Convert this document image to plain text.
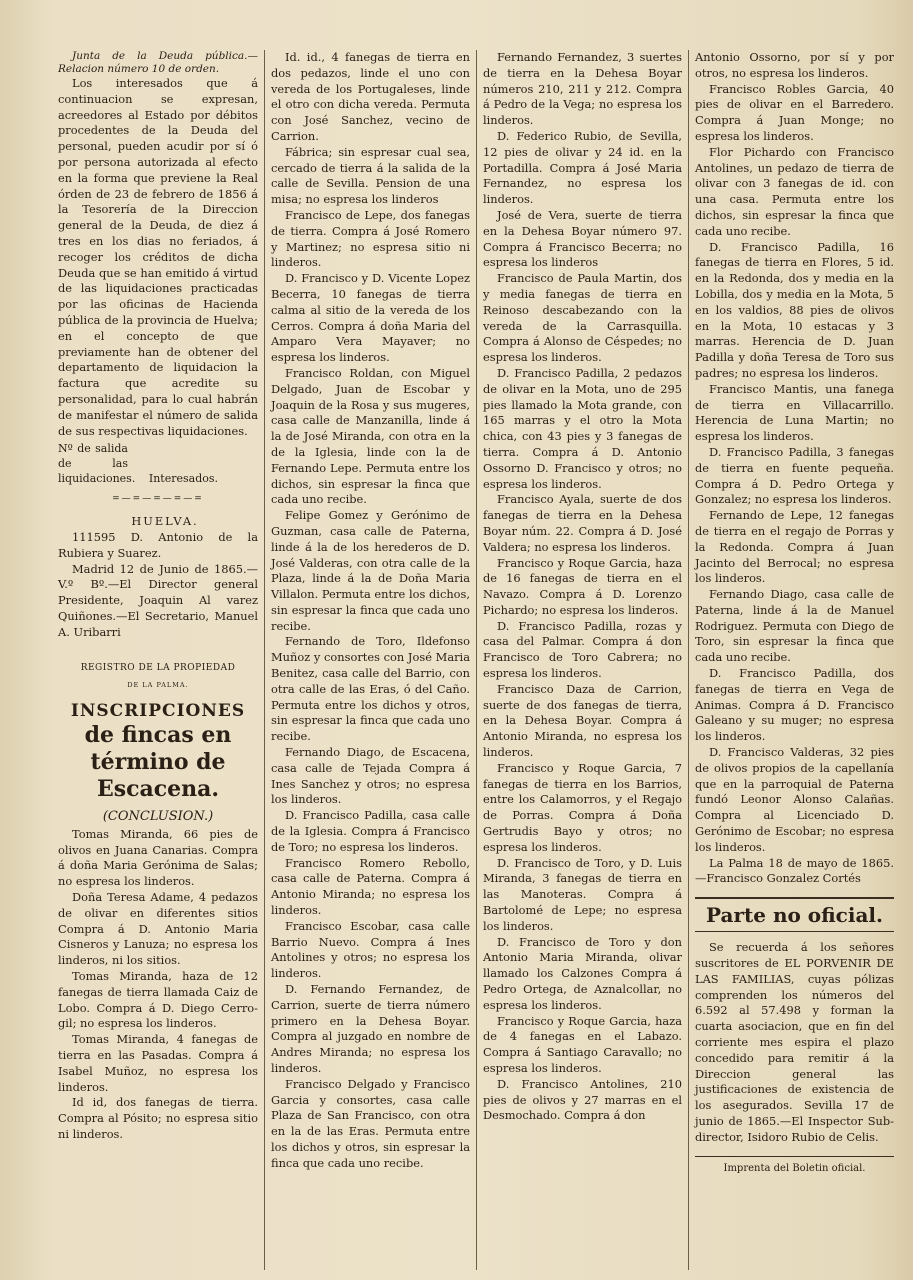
Junta de la Deuda pública.—Relacion número 10 de orden.

Los interesados que á continuacion se expresan, acreedores al Estado por débitos procedentes de la Deuda del personal, pueden acudir por sí ó por persona autorizada al efecto en la forma que previene la Real órden de 23 de febrero de 1856 á la Tesorería de la Direccion general de la Deuda, de diez á tres en los dias no feriados, á recoger los créditos de dicha Deuda que se han emitido á virtud de las liquidaciones practicadas por las oficinas de Hacienda pública de la provincia de Huelva; en el concepto de que previamente han de obtener del departamento de liquidacion la factura que acredite su personalidad, para lo cual habrán de manifestar el número de salida de sus respectivas liquidaciones.

Nº de salida de las liquidaciones. Interesados.
=—=—=—=—=

HUELVA.

111595 D. Antonio de la Rubiera y Suarez.

Madrid 12 de Junio de 1865.—V.º Bº.—El Director general Presidente, Joaquin Al varez Quiñones.—El Secretario, Manuel A. Uribarri

REGISTRO DE LA PROPIEDAD
DE LA PALMA.
INSCRIPCIONES
de fincas en término de Escacena.
(CONCLUSION.)

Tomas Miranda, 66 pies de olivos en Juana Canarias. Compra á doña Maria Gerónima de Salas; no espresa los linderos.

Doña Teresa Adame, 4 pedazos de olivar en diferentes sitios Compra á D. Antonio Maria Cisneros y Lanuza; no espresa los linderos, ni los sitios.

Tomas Miranda, haza de 12 fanegas de tierra llamada Caiz de Lobo. Compra á D. Diego Cerro-gil; no espresa los linderos.

Tomas Miranda, 4 fanegas de tierra en las Pasadas. Compra á Isabel Muñoz, no espresa los linderos.

Id id, dos fanegas de tierra. Compra al Pósito; no espresa sitio ni linderos.

Id. id., 4 fanegas de tierra en dos pedazos, linde el uno con vereda de los Portugaleses, linde el otro con dicha vereda. Permuta con José Sanchez, vecino de Carrion.

Fábrica; sin espresar cual sea, cercado de tierra á la salida de la calle de Sevilla. Pension de una misa; no espresa los linderos

Francisco de Lepe, dos fanegas de tierra. Compra á José Romero y Martinez; no espresa sitio ni linderos.

D. Francisco y D. Vicente Lopez Becerra, 10 fanegas de tierra calma al sitio de la vereda de los Cerros. Compra á doña Maria del Amparo Vera Mayaver; no espresa los linderos.

Francisco Roldan, con Miguel Delgado, Juan de Escobar y Joaquin de la Rosa y sus mugeres, casa calle de Manzanilla, linde á la de José Miranda, con otra en la de la Iglesia, linde con la de Fernando Lepe. Permuta entre los dichos, sin espresar la finca que cada uno recibe.

Felipe Gomez y Gerónimo de Guzman, casa calle de Paterna, linde á la de los herederos de D. José Valderas, con otra calle de la Plaza, linde á la de Doña Maria Villalon. Permuta entre los dichos, sin espresar la finca que cada uno recibe.

Fernando de Toro, Ildefonso Muñoz y consortes con José Maria Benitez, casa calle del Barrio, con otra calle de las Eras, ó del Caño. Permuta entre los dichos y otros, sin espresar la finca que cada uno recibe.

Fernando Diago, de Escacena, casa calle de Tejada Compra á Ines Sanchez y otros; no espresa los linderos.

D. Francisco Padilla, casa calle de la Iglesia. Compra á Francisco de Toro; no espresa los linderos.

Francisco Romero Rebollo, casa calle de Paterna. Compra á Antonio Miranda; no espresa los linderos.

Francisco Escobar, casa calle Barrio Nuevo. Compra á Ines Antolines y otros; no espresa los linderos.

D. Fernando Fernandez, de Carrion, suerte de tierra número primero en la Dehesa Boyar. Compra al juzgado en nombre de Andres Miranda; no espresa los linderos.

Francisco Delgado y Francisco Garcia y consortes, casa calle Plaza de San Francisco, con otra en la de las Eras. Permuta entre los dichos y otros, sin espresar la finca que cada uno recibe.

Fernando Fernandez, 3 suertes de tierra en la Dehesa Boyar números 210, 211 y 212. Compra á Pedro de la Vega; no espresa los linderos.

D. Federico Rubio, de Sevilla, 12 pies de olivar y 24 id. en la Portadilla. Compra á José Maria Fernandez, no espresa los linderos.

José de Vera, suerte de tierra en la Dehesa Boyar número 97. Compra á Francisco Becerra; no espresa los linderos

Francisco de Paula Martin, dos y media fanegas de tierra en Reinoso descabezando con la vereda de la Carrasquilla. Compra á Alonso de Céspedes; no espresa los linderos.

D. Francisco Padilla, 2 pedazos de olivar en la Mota, uno de 295 pies llamado la Mota grande, con 165 marras y el otro la Mota chica, con 43 pies y 3 fanegas de tierra. Compra á D. Antonio Ossorno D. Francisco y otros; no espresa los linderos.

Francisco Ayala, suerte de dos fanegas de tierra en la Dehesa Boyar núm. 22. Compra á D. José Valdera; no espresa los linderos.

Francisco y Roque Garcia, haza de 16 fanegas de tierra en el Navazo. Compra á D. Lorenzo Pichardo; no espresa los linderos.

D. Francisco Padilla, rozas y casa del Palmar. Compra á don Francisco de Toro Cabrera; no espresa los linderos.

Francisco Daza de Carrion, suerte de dos fanegas de tierra, en la Dehesa Boyar. Compra á Antonio Miranda, no espresa los linderos.

Francisco y Roque Garcia, 7 fanegas de tierra en los Barrios, entre los Calamorros, y el Regajo de Porras. Compra á Doña Gertrudis Bayo y otros; no espresa los linderos.

D. Francisco de Toro, y D. Luis Miranda, 3 fanegas de tierra en las Manoteras. Compra á Bartolomé de Lepe; no espresa los linderos.

D. Francisco de Toro y don Antonio Maria Miranda, olivar llamado los Calzones Compra á Pedro Ortega, de Aznalcollar, no espresa los linderos.

Francisco y Roque Garcia, haza de 4 fanegas en el Labazo. Compra á Santiago Caravallo; no espresa los linderos.

D. Francisco Antolines, 210 pies de olivos y 27 marras en el Desmochado. Compra á don

Antonio Ossorno, por sí y por otros, no espresa los linderos.

Francisco Robles Garcia, 40 pies de olivar en el Barredero. Compra á Juan Monge; no espresa los linderos.

Flor Pichardo con Francisco Antolines, un pedazo de tierra de olivar con 3 fanegas de id. con una casa. Permuta entre los dichos, sin espresar la finca que cada uno recibe.

D. Francisco Padilla, 16 fanegas de tierra en Flores, 5 id. en la Redonda, dos y media en la Lobilla, dos y media en la Mota, 5 en los valdios, 88 pies de olivos en la Mota, 10 estacas y 3 marras. Herencia de D. Juan Padilla y doña Teresa de Toro sus padres; no espresa los linderos.

Francisco Mantis, una fanega de tierra en Villacarrillo. Herencia de Luna Martin; no espresa los linderos.

D. Francisco Padilla, 3 fanegas de tierra en fuente pequeña. Compra á D. Pedro Ortega y Gonzalez; no espresa los linderos.

Fernando de Lepe, 12 fanegas de tierra en el regajo de Porras y la Redonda. Compra á Juan Jacinto del Berrocal; no espresa los linderos.

Fernando Diago, casa calle de Paterna, linde á la de Manuel Rodriguez. Permuta con Diego de Toro, sin espresar la finca que cada uno recibe.

D. Francisco Padilla, dos fanegas de tierra en Vega de Animas. Compra á D. Francisco Galeano y su muger; no espresa los linderos.

D. Francisco Valderas, 32 pies de olivos propios de la capellanía que en la parroquial de Paterna fundó Leonor Alonso Calañas. Compra al Licenciado D. Gerónimo de Escobar; no espresa los linderos.

La Palma 18 de mayo de 1865.—Francisco Gonzalez Cortés

Parte no oficial.

Se recuerda á los señores suscritores de EL PORVENIR DE LAS FAMILIAS, cuyas pólizas comprenden los números del 6.592 al 57.498 y forman la cuarta asociacion, que en fin del corriente mes espira el plazo concedido para remitir á la Direccion general las justificaciones de existencia de los asegurados. Sevilla 17 de junio de 1865.—El Inspector Sub-director, Isidoro Rubio de Celis.

Imprenta del Boletin oficial.
